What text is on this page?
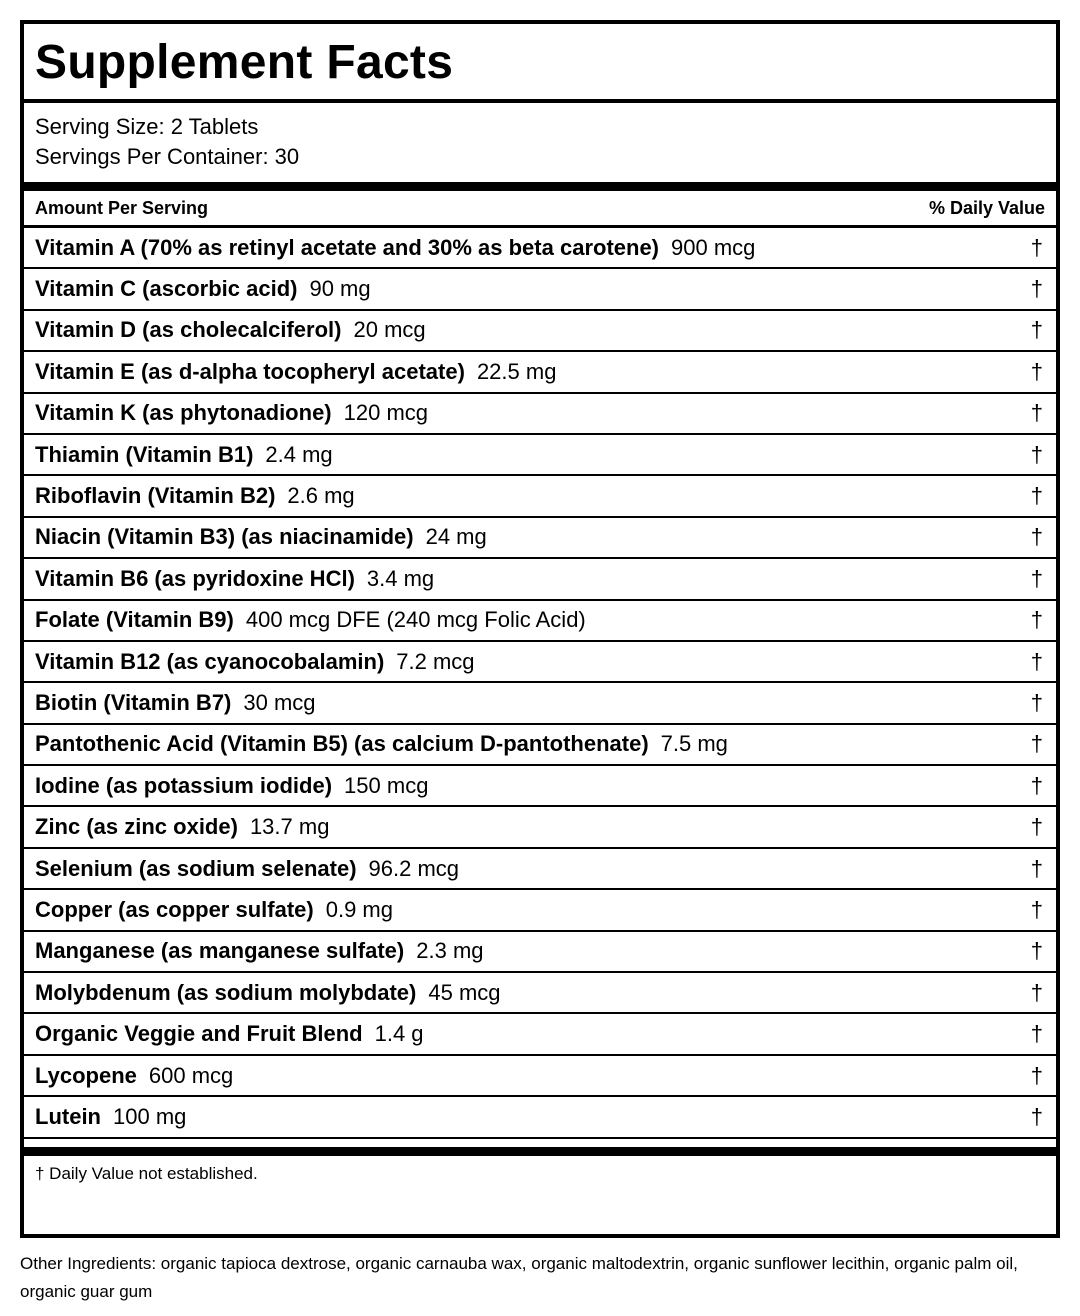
Supplement Facts
Serving Size: 2 Tablets
Servings Per Container: 30
Amount Per Serving	% Daily Value
Vitamin A (70% as retinyl acetate and 30% as beta carotene) 900 mcg	†
Vitamin C (ascorbic acid) 90 mg	†
Vitamin D (as cholecalciferol) 20 mcg	†
Vitamin E (as d-alpha tocopheryl acetate) 22.5 mg	†
Vitamin K (as phytonadione) 120 mcg	†
Thiamin (Vitamin B1) 2.4 mg	†
Riboflavin (Vitamin B2) 2.6 mg	†
Niacin (Vitamin B3) (as niacinamide) 24 mg	†
Vitamin B6 (as pyridoxine HCl) 3.4 mg	†
Folate (Vitamin B9) 400 mcg DFE (240 mcg Folic Acid)	†
Vitamin B12 (as cyanocobalamin) 7.2 mcg	†
Biotin (Vitamin B7) 30 mcg	†
Pantothenic Acid (Vitamin B5) (as calcium D-pantothenate) 7.5 mg	†
Iodine (as potassium iodide) 150 mcg	†
Zinc (as zinc oxide) 13.7 mg	†
Selenium (as sodium selenate) 96.2 mcg	†
Copper (as copper sulfate) 0.9 mg	†
Manganese (as manganese sulfate) 2.3 mg	†
Molybdenum (as sodium molybdate) 45 mcg	†
Organic Veggie and Fruit Blend 1.4 g	†
Lycopene 600 mcg	†
Lutein 100 mg	†
† Daily Value not established.
Other Ingredients: organic tapioca dextrose, organic carnauba wax, organic maltodextrin, organic sunflower lecithin, organic palm oil, organic guar gum
